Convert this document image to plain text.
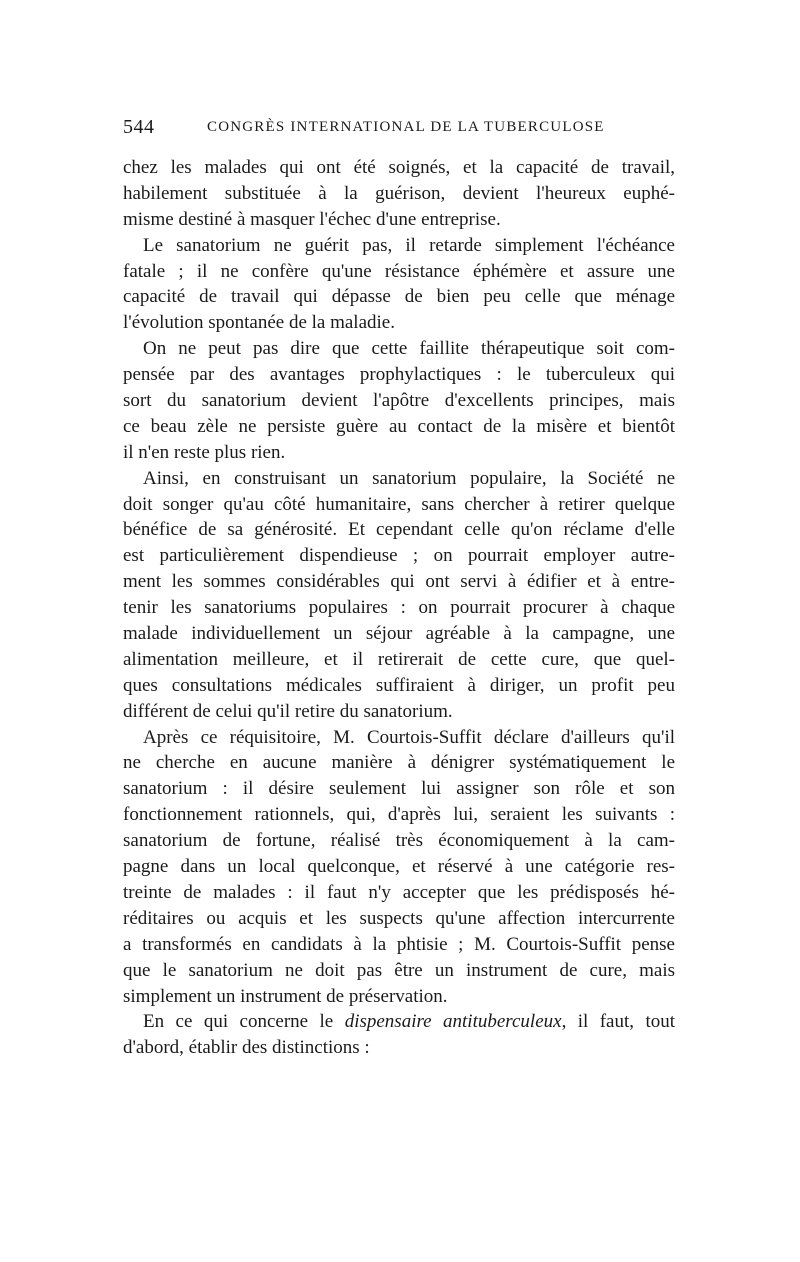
544	CONGRÈS INTERNATIONAL DE LA TUBERCULOSE
chez les malades qui ont été soignés, et la capacité de travail,
habilement substituée à la guérison, devient l'heureux euphé-
misme destiné à masquer l'échec d'une entreprise.
Le sanatorium ne guérit pas, il retarde simplement l'échéance
fatale ; il ne confère qu'une résistance éphémère et assure une
capacité de travail qui dépasse de bien peu celle que ménage
l'évolution spontanée de la maladie.
On ne peut pas dire que cette faillite thérapeutique soit com-
pensée par des avantages prophylactiques : le tuberculeux qui
sort du sanatorium devient l'apôtre d'excellents principes, mais
ce beau zèle ne persiste guère au contact de la misère et bientôt
il n'en reste plus rien.
Ainsi, en construisant un sanatorium populaire, la Société ne
doit songer qu'au côté humanitaire, sans chercher à retirer quelque
bénéfice de sa générosité. Et cependant celle qu'on réclame d'elle
est particulièrement dispendieuse ; on pourrait employer autre-
ment les sommes considérables qui ont servi à édifier et à entre-
tenir les sanatoriums populaires : on pourrait procurer à chaque
malade individuellement un séjour agréable à la campagne, une
alimentation meilleure, et il retirerait de cette cure, que quel-
ques consultations médicales suffiraient à diriger, un profit peu
différent de celui qu'il retire du sanatorium.
Après ce réquisitoire, M. Courtois-Suffit déclare d'ailleurs qu'il
ne cherche en aucune manière à dénigrer systématiquement le
sanatorium : il désire seulement lui assigner son rôle et son
fonctionnement rationnels, qui, d'après lui, seraient les suivants :
sanatorium de fortune, réalisé très économiquement à la cam-
pagne dans un local quelconque, et réservé à une catégorie res-
treinte de malades : il faut n'y accepter que les prédisposés hé-
réditaires ou acquis et les suspects qu'une affection intercurrente
a transformés en candidats à la phtisie ; M. Courtois-Suffit pense
que le sanatorium ne doit pas être un instrument de cure, mais
simplement un instrument de préservation.
En ce qui concerne le dispensaire antituberculeux, il faut, tout
d'abord, établir des distinctions :
